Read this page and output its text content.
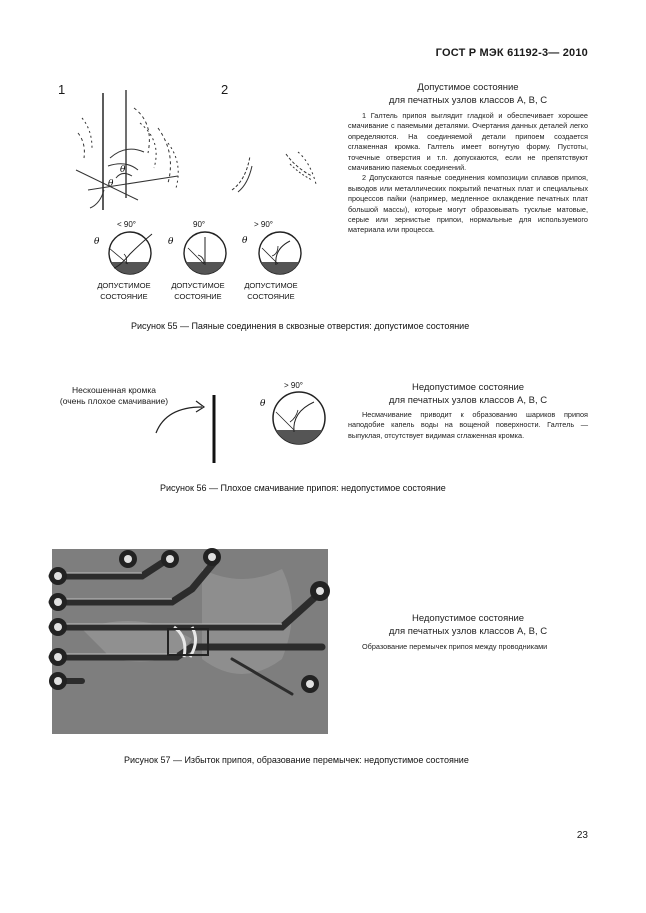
ГОСТ Р МЭК 61192-3— 2010
1	2
θ
θ
< 90°	90°	> 90°
θ	θ	θ
ДОПУСТИМОЕ
СОСТОЯНИЕ
ДОПУСТИМОЕ
СОСТОЯНИЕ
ДОПУСТИМОЕ
СОСТОЯНИЕ
Допустимое состояние
для печатных узлов классов А, В, С

1 Галтель припоя выглядит гладкой и обеспечивает хорошее смачивание с паяемыми деталями. Очертания данных деталей легко определяются. На соединяемой детали припоем создается сглаженная кромка. Галтель имеет вогнутую форму. Пустоты, точечные отверстия и т.п. допускаются, если не препятствуют смачиванию паяемых соединений.

2 Допускаются паяные соединения композиции сплавов припоя, выводов или металлических покрытий печатных плат и специальных процессов пайки (например, медленное охлаждение печатных плат большой массы), которые могут образовывать тусклые матовые, серые или зернистые припои, нормальные для используемого материала или процесса.

Рисунок 55 — Паяные соединения в сквозные отверстия: допустимое состояние
Нескошенная кромка
(очень плохое смачивание)
> 90°
θ
Недопустимое состояние
для печатных узлов классов А, В, С

Несмачивание приводит к образованию шариков припоя наподобие капель воды на вощеной поверхности. Галтель — выпуклая, отсутствует видимая сглаженная кромка.

Рисунок 56 — Плохое смачивание припоя: недопустимое состояние
Недопустимое состояние
для печатных узлов классов А, В, С

Образование перемычек припоя между проводниками

Рисунок 57 — Избыток припоя, образование перемычек: недопустимое состояние
23
